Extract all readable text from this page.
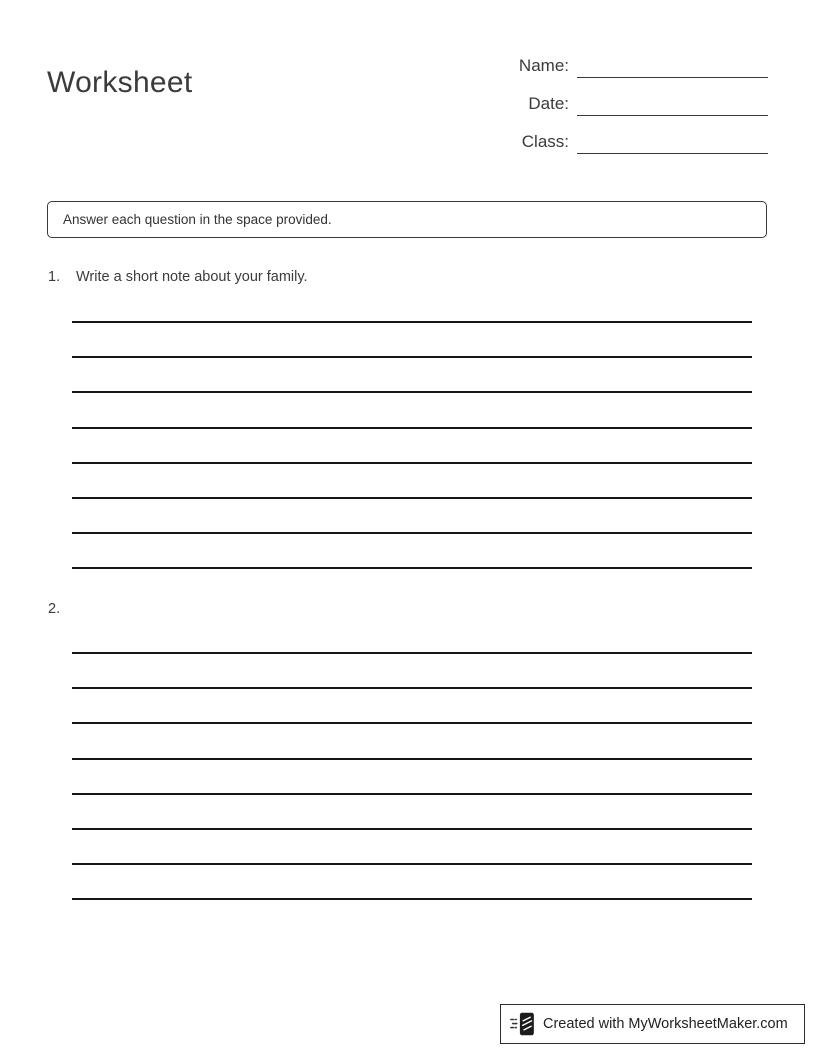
Worksheet
Name:
Date:
Class:
Answer each question in the space provided.
1.	Write a short note about your family.
2.
Created with MyWorksheetMaker.com
